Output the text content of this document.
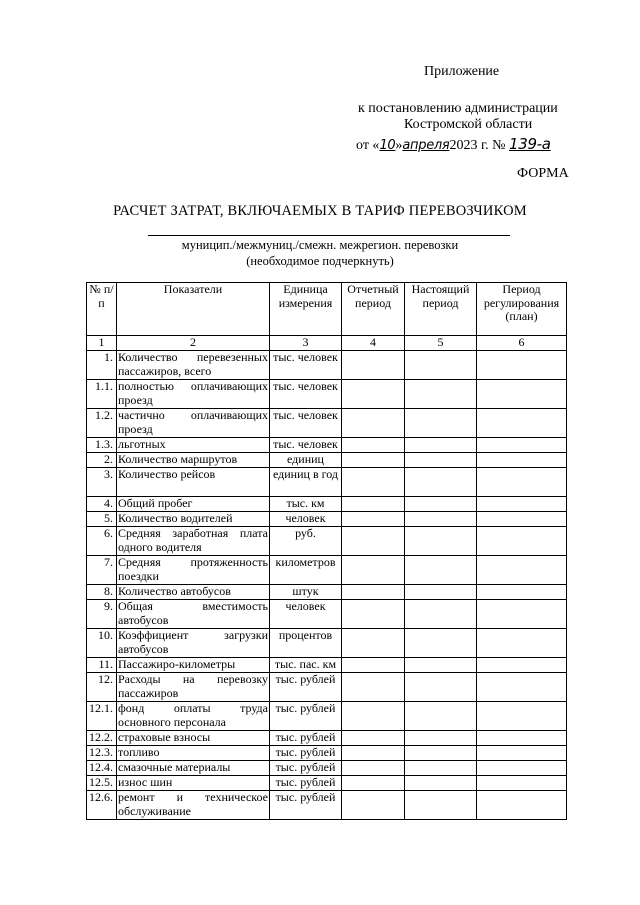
Приложение
к постановлению администрации
Костромской области
от «10»апреля2023 г. № 139-а
ФОРМА
РАСЧЕТ ЗАТРАТ, ВКЛЮЧАЕМЫХ В ТАРИФ ПЕРЕВОЗЧИКОМ
муницип./межмуниц./смежн. межрегион. перевозки
(необходимое подчеркнуть)
№ п/п	Показатели	Единица измерения	Отчетный период	Настоящий период	Период регулирования (план)
1	2	3	4	5	6
1.	Количество перевезенных пассажиров, всего	тыс. человек			
1.1.	полностью оплачивающих проезд	тыс. человек			
1.2.	частично оплачивающих проезд	тыс. человек			
1.3.	льготных	тыс. человек			
2.	Количество маршрутов	единиц			
3.	Количество рейсов	единиц в год			
4.	Общий пробег	тыс. км			
5.	Количество водителей	человек			
6.	Средняя заработная плата одного водителя	руб.			
7.	Средняя протяженность поездки	километров			
8.	Количество автобусов	штук			
9.	Общая вместимость автобусов	человек			
10.	Коэффициент загрузки автобусов	процентов			
11.	Пассажиро-километры	тыс. пас. км			
12.	Расходы на перевозку пассажиров	тыс. рублей			
12.1.	фонд оплаты труда основного персонала	тыс. рублей			
12.2.	страховые взносы	тыс. рублей			
12.3.	топливо	тыс. рублей			
12.4.	смазочные материалы	тыс. рублей			
12.5.	износ шин	тыс. рублей			
12.6.	ремонт и техническое обслуживание	тыс. рублей			
